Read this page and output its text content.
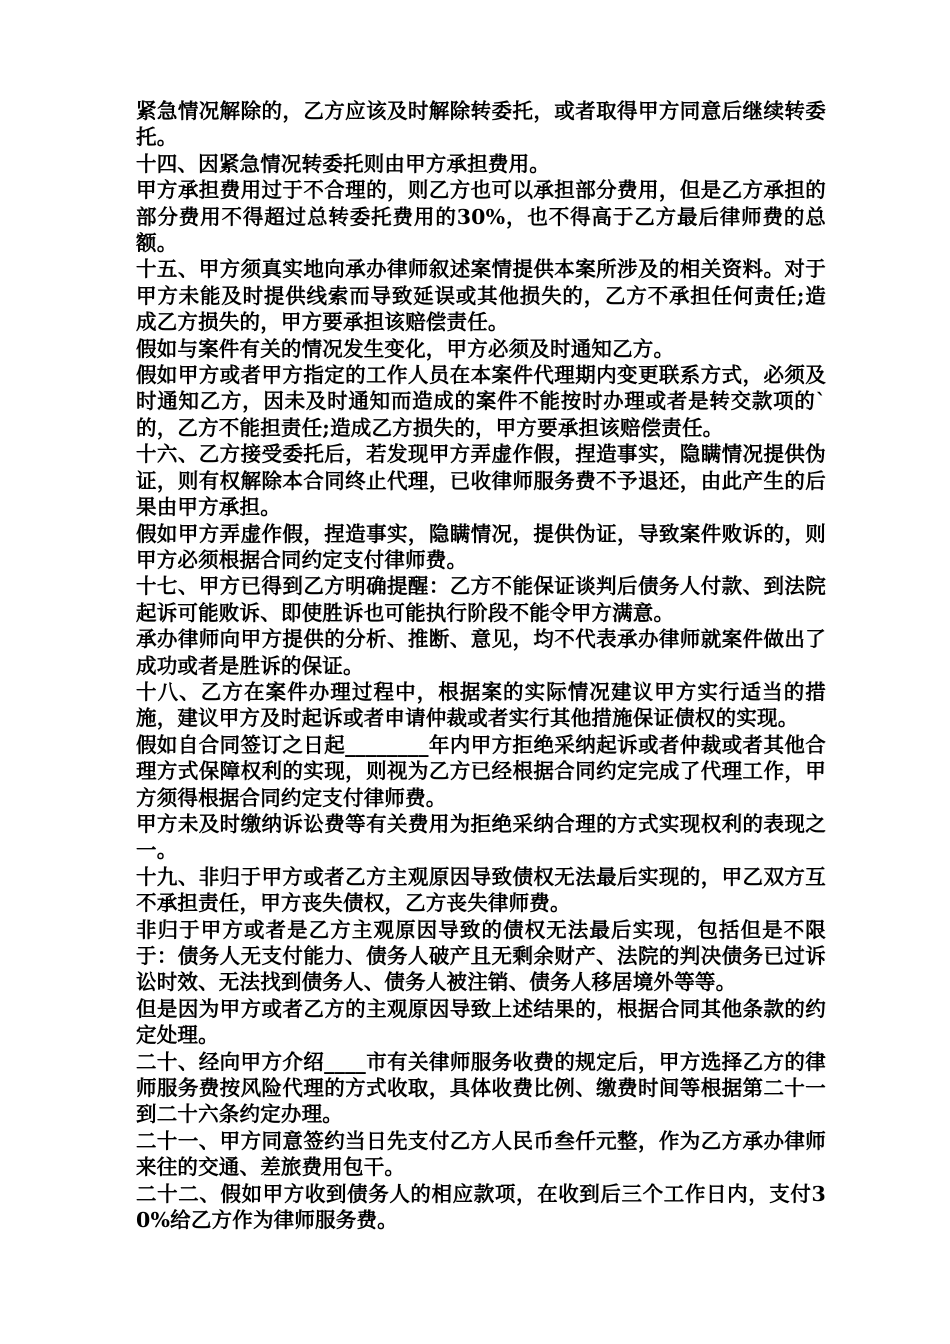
紧急情况解除的，乙方应该及时解除转委托，或者取得甲方同意后继续转委托。

十四、因紧急情况转委托则由甲方承担费用。

甲方承担费用过于不合理的，则乙方也可以承担部分费用，但是乙方承担的部分费用不得超过总转委托费用的30%，也不得高于乙方最后律师费的总额。

十五、甲方须真实地向承办律师叙述案情提供本案所涉及的相关资料。对于甲方未能及时提供线索而导致延误或其他损失的，乙方不承担任何责任;造成乙方损失的，甲方要承担该赔偿责任。

假如与案件有关的情况发生变化，甲方必须及时通知乙方。

假如甲方或者甲方指定的工作人员在本案件代理期内变更联系方式，必须及时通知乙方，因未及时通知而造成的案件不能按时办理或者是转交款项的`的，乙方不能担责任;造成乙方损失的，甲方要承担该赔偿责任。

十六、乙方接受委托后，若发现甲方弄虚作假，捏造事实，隐瞒情况提供伪证，则有权解除本合同终止代理，已收律师服务费不予退还，由此产生的后果由甲方承担。

假如甲方弄虚作假，捏造事实，隐瞒情况，提供伪证，导致案件败诉的，则甲方必须根据合同约定支付律师费。

十七、甲方已得到乙方明确提醒：乙方不能保证谈判后债务人付款、到法院起诉可能败诉、即使胜诉也可能执行阶段不能令甲方满意。

承办律师向甲方提供的分析、推断、意见，均不代表承办律师就案件做出了成功或者是胜诉的保证。

十八、乙方在案件办理过程中，根据案的实际情况建议甲方实行适当的措施，建议甲方及时起诉或者申请仲裁或者实行其他措施保证债权的实现。

假如自合同签订之日起________年内甲方拒绝采纳起诉或者仲裁或者其他合理方式保障权利的实现，则视为乙方已经根据合同约定完成了代理工作，甲方须得根据合同约定支付律师费。

甲方未及时缴纳诉讼费等有关费用为拒绝采纳合理的方式实现权利的表现之一。

十九、非归于甲方或者乙方主观原因导致债权无法最后实现的，甲乙双方互不承担责任，甲方丧失债权，乙方丧失律师费。

非归于甲方或者是乙方主观原因导致的债权无法最后实现，包括但是不限于：债务人无支付能力、债务人破产且无剩余财产、法院的判决债务已过诉讼时效、无法找到债务人、债务人被注销、债务人移居境外等等。

但是因为甲方或者乙方的主观原因导致上述结果的，根据合同其他条款的约定处理。

二十、经向甲方介绍____市有关律师服务收费的规定后，甲方选择乙方的律师服务费按风险代理的方式收取，具体收费比例、缴费时间等根据第二十一到二十六条约定办理。

二十一、甲方同意签约当日先支付乙方人民币叁仟元整，作为乙方承办律师来往的交通、差旅费用包干。

二十二、假如甲方收到债务人的相应款项，在收到后三个工作日内，支付30%给乙方作为律师服务费。
